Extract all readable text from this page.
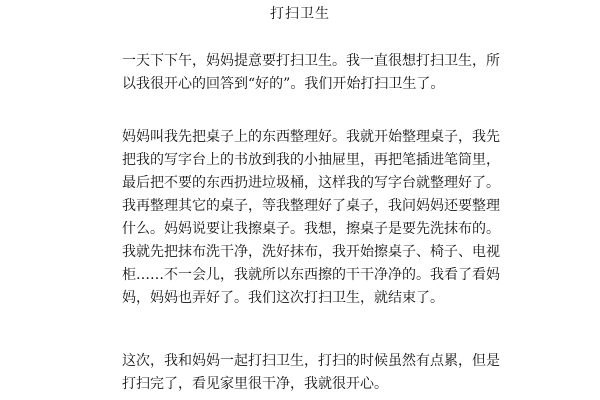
打扫卫生
一天下下午，妈妈提意要打扫卫生。我一直很想打扫卫生，所
以我很开心的回答到“好的”。我们开始打扫卫生了。
妈妈叫我先把桌子上的东西整理好。我就开始整理桌子，我先
把我的写字台上的书放到我的小抽屉里，再把笔插进笔筒里，
最后把不要的东西扔进垃圾桶，这样我的写字台就整理好了。
我再整理其它的桌子，等我整理好了桌子，我问妈妈还要整理
什么。妈妈说要让我擦桌子。我想，擦桌子是要先洗抹布的。
我就先把抹布洗干净，洗好抹布，我开始擦桌子、椅子、电视
柜……不一会儿，我就所以东西擦的干干净净的。我看了看妈
妈，妈妈也弄好了。我们这次打扫卫生，就结束了。
这次，我和妈妈一起打扫卫生，打扫的时候虽然有点累，但是
打扫完了，看见家里很干净，我就很开心。
